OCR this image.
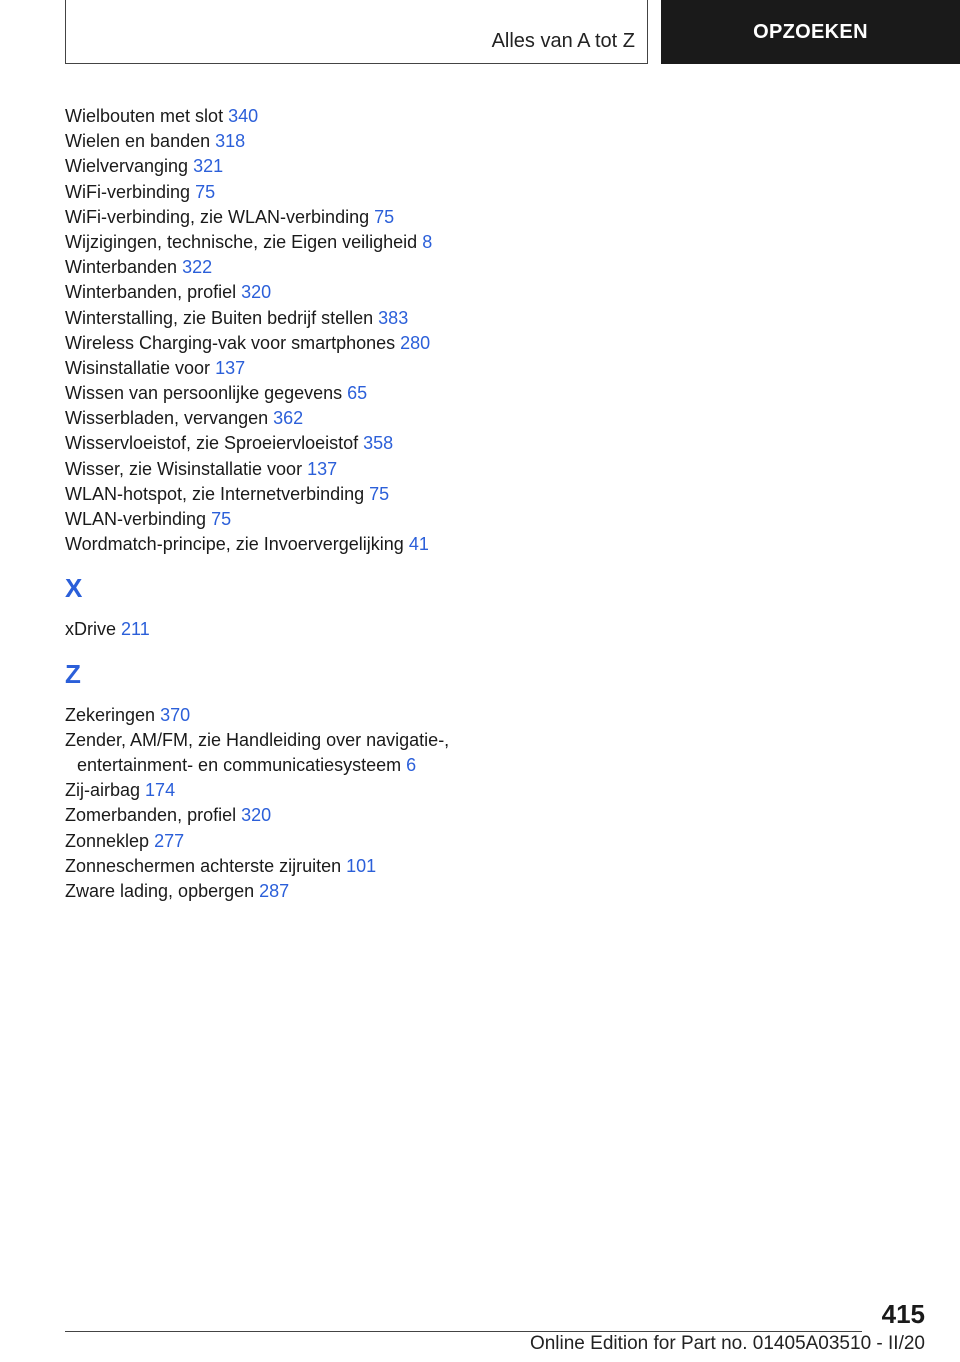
Alles van A tot Z	OPZOEKEN
Wielbouten met slot 340
Wielen en banden 318
Wielvervanging 321
WiFi-verbinding 75
WiFi-verbinding, zie WLAN-verbinding 75
Wijzigingen, technische, zie Eigen veiligheid 8
Winterbanden 322
Winterbanden, profiel 320
Winterstalling, zie Buiten bedrijf stellen 383
Wireless Charging-vak voor smartphones 280
Wisinstallatie voor 137
Wissen van persoonlijke gegevens 65
Wisserbladen, vervangen 362
Wisservloeistof, zie Sproeiervloeistof 358
Wisser, zie Wisinstallatie voor 137
WLAN-hotspot, zie Internetverbinding 75
WLAN-verbinding 75
Wordmatch-principe, zie Invoervergelijking 41
X
xDrive 211
Z
Zekeringen 370
Zender, AM/FM, zie Handleiding over navigatie-,
entertainment- en communicatiesysteem 6
Zij-airbag 174
Zomerbanden, profiel 320
Zonneklep 277
Zonneschermen achterste zijruiten 101
Zware lading, opbergen 287
415
Online Edition for Part no. 01405A03510 - II/20
